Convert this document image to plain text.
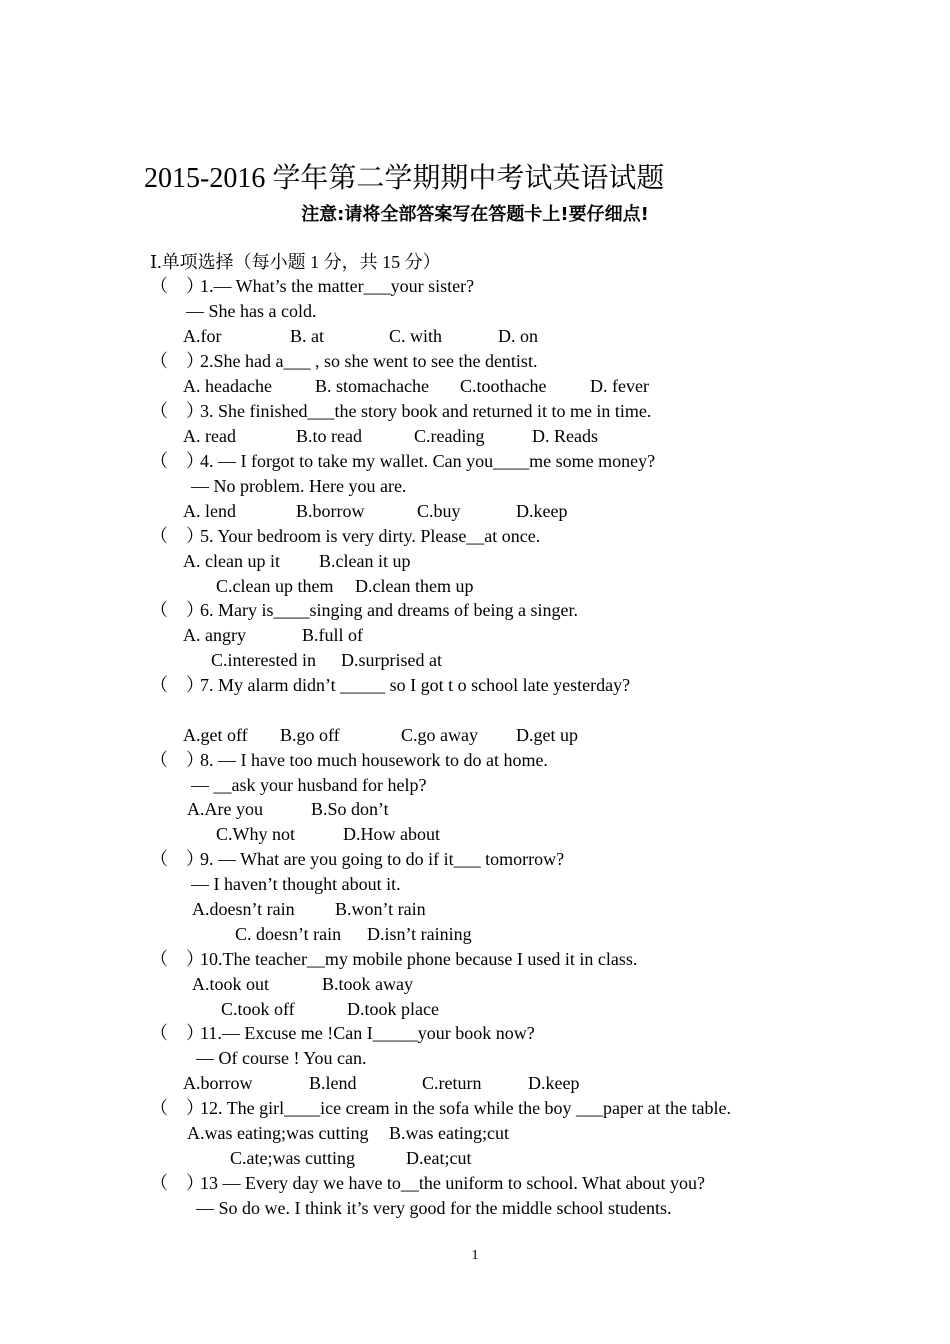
2015-2016 学年第二学期期中考试英语试题
注意:请将全部答案写在答题卡上!要仔细点!
Ⅰ.单项选择（每小题 1 分，共 15 分）
（　）
1.— What’s the matter___your sister?
— She has a cold.
A.for	B. at	C. with	D. on
（　）
2.She had a___ , so she went to see the dentist.
A. headache B. stomachache C.toothache D. fever
（　）
3. She finished___the story book and returned it to me in time.
A. read	B.to read	C.reading	D. Reads
（　）
4. — I forgot to take my wallet. Can you____me some money?
— No problem. Here you are.
A. lend	B.borrow	C.buy	D.keep
（　）
5. Your bedroom is very dirty. Please__at once.
A. clean up it B.clean it up
C.clean up them D.clean them up
（　）
6. Mary is____singing and dreams of being a singer.
A. angry	B.full of
C.interested in D.surprised at
（　）
7. My alarm didn’t _____ so I got t o school late yesterday?
A.get off B.go off	C.go away D.get up
（　）
8. — I have too much housework to do at home.
— __ask your husband for help?
A.Are you	B.So don’t
C.Why not	D.How about
（　）
9. — What are you going to do if it___ tomorrow?
— I haven’t thought about it.
A.doesn’t rain B.won’t rain
C. doesn’t rain D.isn’t raining
（　）
10.The teacher__my mobile phone because I used it in class.
A.took out	B.took away
C.took off	D.took place
（　）
11.— Excuse me !Can I_____your book now?
— Of course ! You can.
A.borrow	B.lend	C.return	D.keep
（　）
12. The girl____ice cream in the sofa while the boy ___paper at the table.
A.was eating;was cutting B.was eating;cut
C.ate;was cutting	D.eat;cut
（　）
13 — Every day we have to__the uniform to school. What about you?
— So do we. I think it’s very good for the middle school students.
1
